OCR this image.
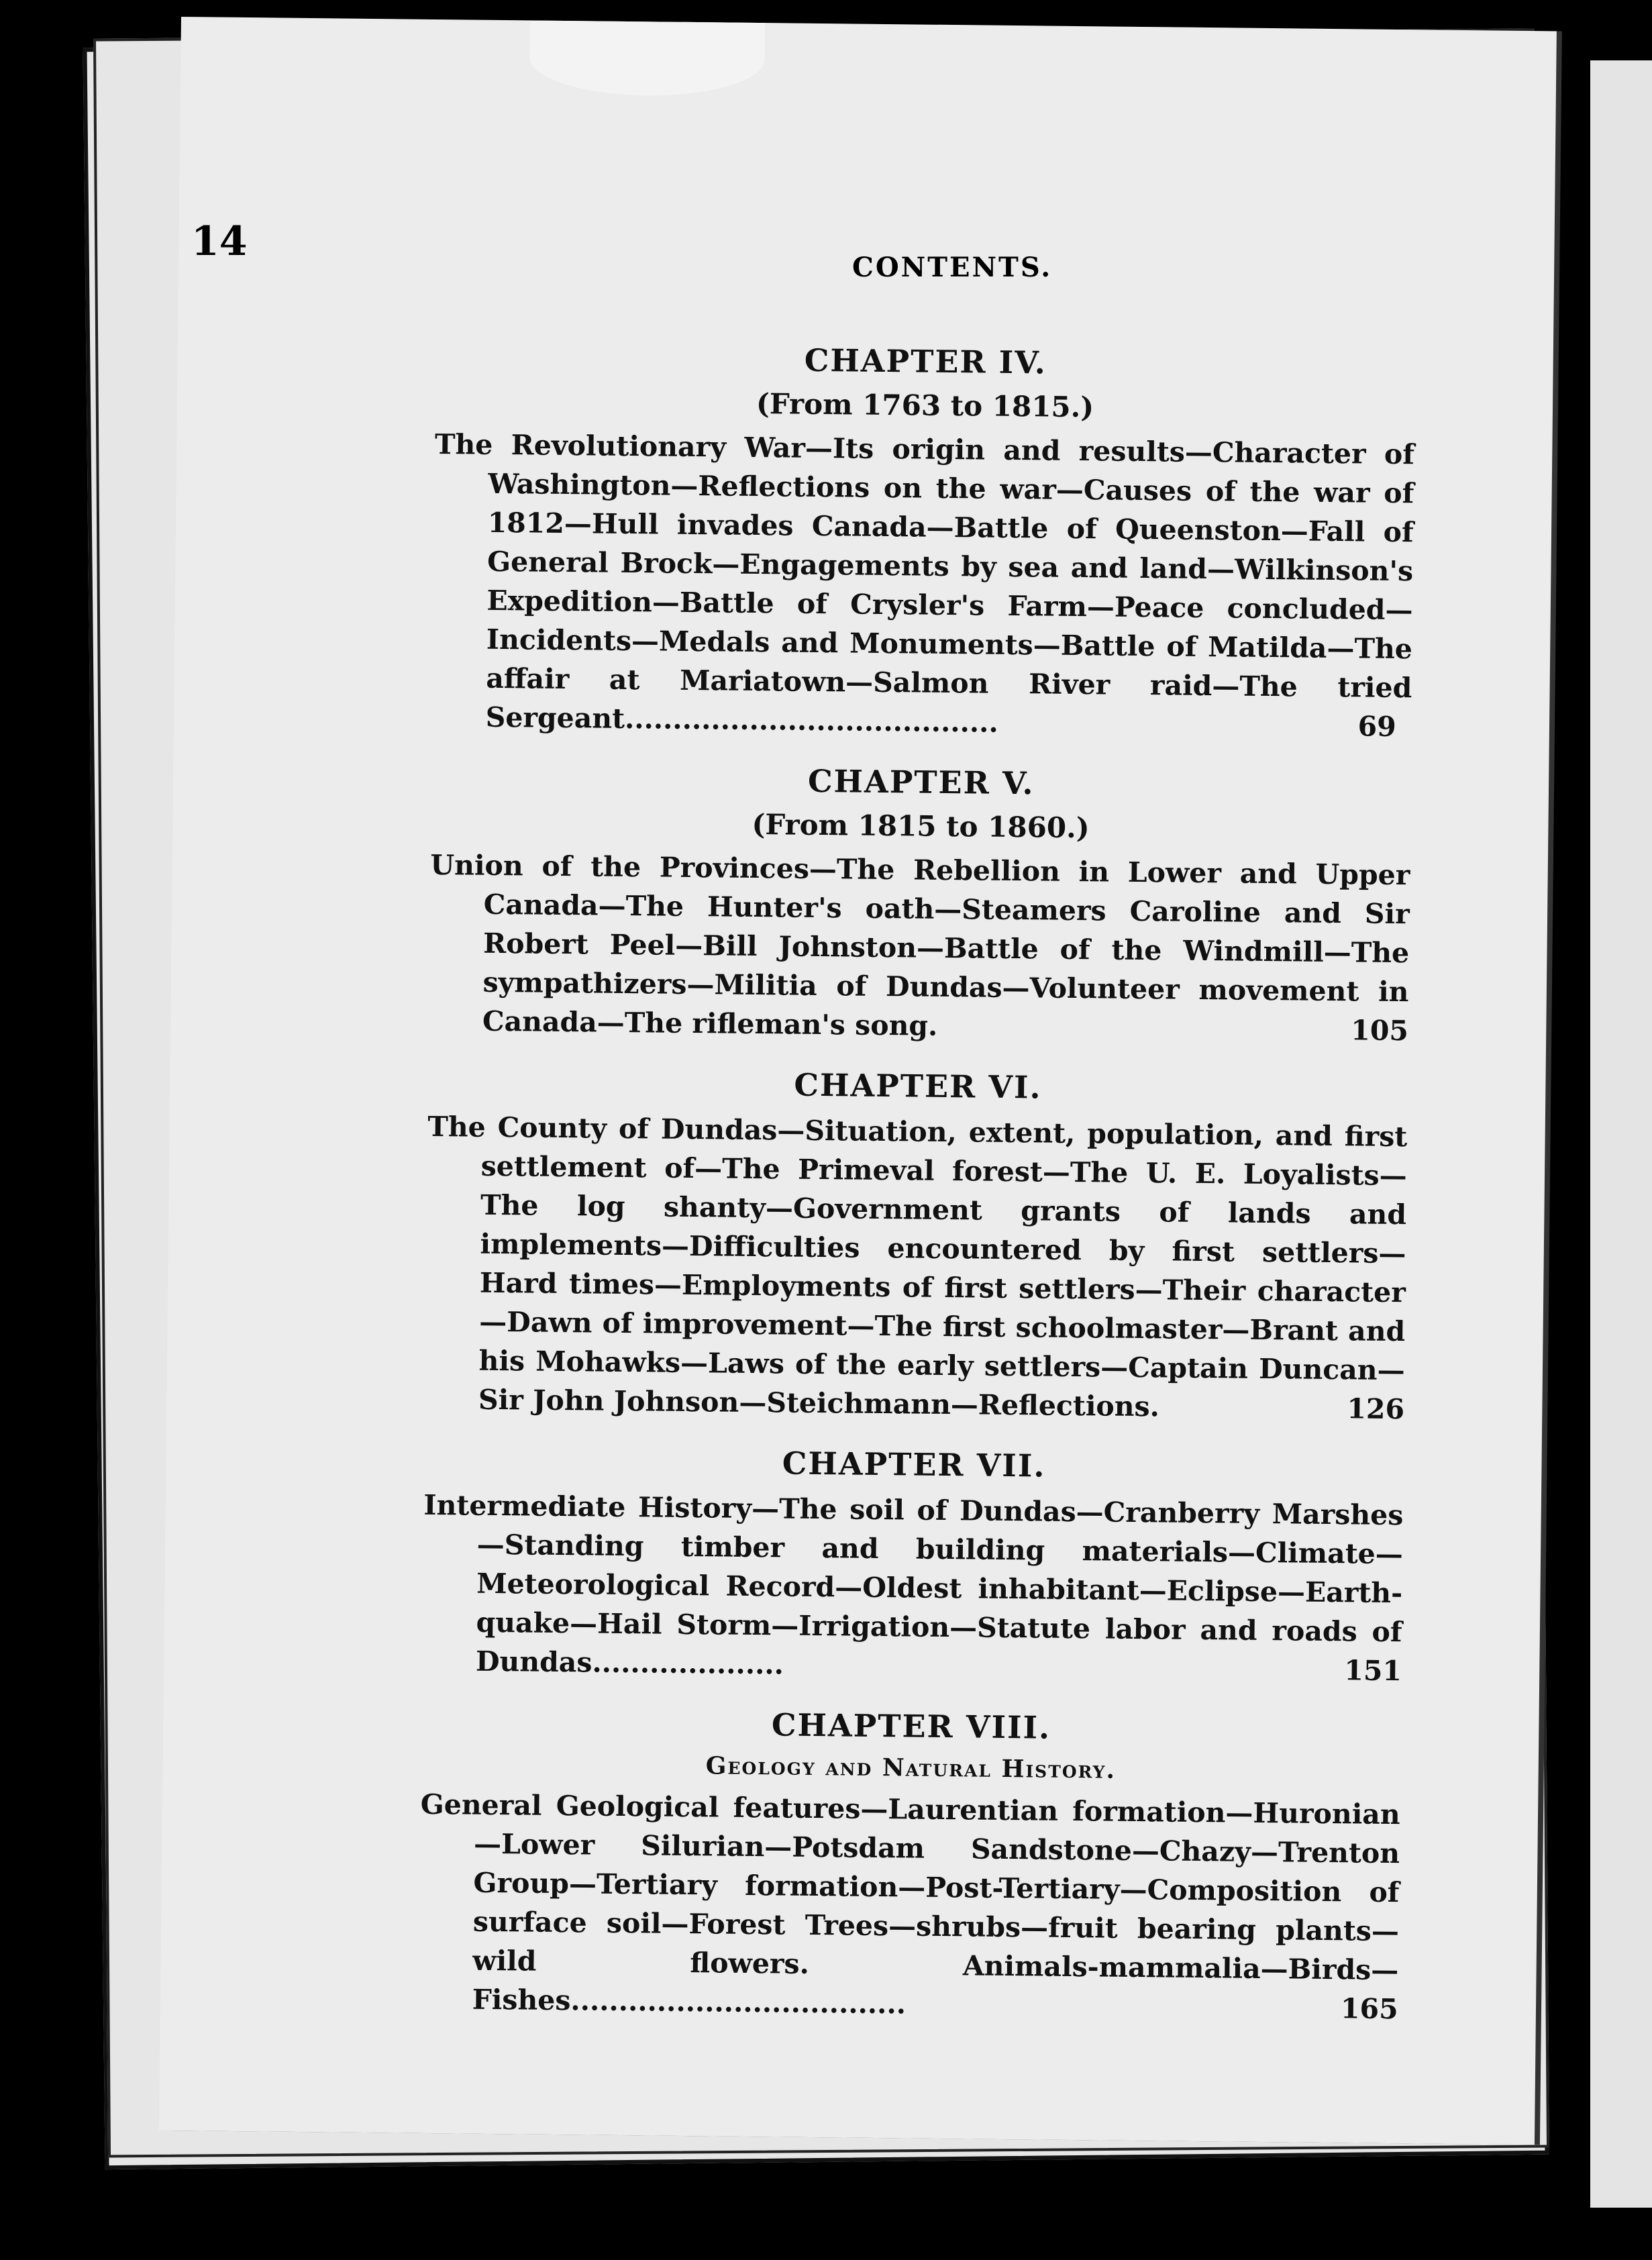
14
CONTENTS.
CHAPTER IV.
(From 1763 to 1815.)
The Revolutionary War—Its origin and results—Character of Washington—Reflections on the war—Causes of the war of 1812—Hull invades Canada—Battle of Queenston—Fall of General Brock—Engagements by sea and land—Wilkinson's Expedition—Battle of Crysler's Farm—Peace concluded—Incidents—Medals and Monuments—Battle of Matilda—The affair at Mariatown—Salmon River raid—The tried Sergeant.......................................	69
CHAPTER V.
(From 1815 to 1860.)
Union of the Provinces—The Rebellion in Lower and Upper Canada—The Hunter's oath—Steamers Caroline and Sir Robert Peel—Bill Johnston—Battle of the Windmill—The sympathizers—Militia of Dundas—Volunteer movement in Canada—The rifleman's song.	105
CHAPTER VI.
The County of Dundas—Situation, extent, population, and first settlement of—The Primeval forest—The U. E. Loyalists—The log shanty—Government grants of lands and implements—Difficulties encountered by first settlers—Hard times—Employments of first settlers—Their character—Dawn of improvement—The first schoolmaster—Brant and his Mohawks—Laws of the early settlers—Captain Duncan—Sir John Johnson—Steichmann—Reflections.	126
CHAPTER VII.
Intermediate History—The soil of Dundas—Cranberry Marshes—Standing timber and building materials—Climate—Meteorological Record—Oldest inhabitant—Eclipse—Earth-quake—Hail Storm—Irrigation—Statute labor and roads of Dundas....................	151
CHAPTER VIII.
Geology and Natural History.
General Geological features—Laurentian formation—Huronian—Lower Silurian—Potsdam Sandstone—Chazy—Trenton Group—Tertiary formation—Post-Tertiary—Composition of surface soil—Forest Trees—shrubs—fruit bearing plants—wild flowers. Animals-mammalia—Birds—Fishes...................................	165
